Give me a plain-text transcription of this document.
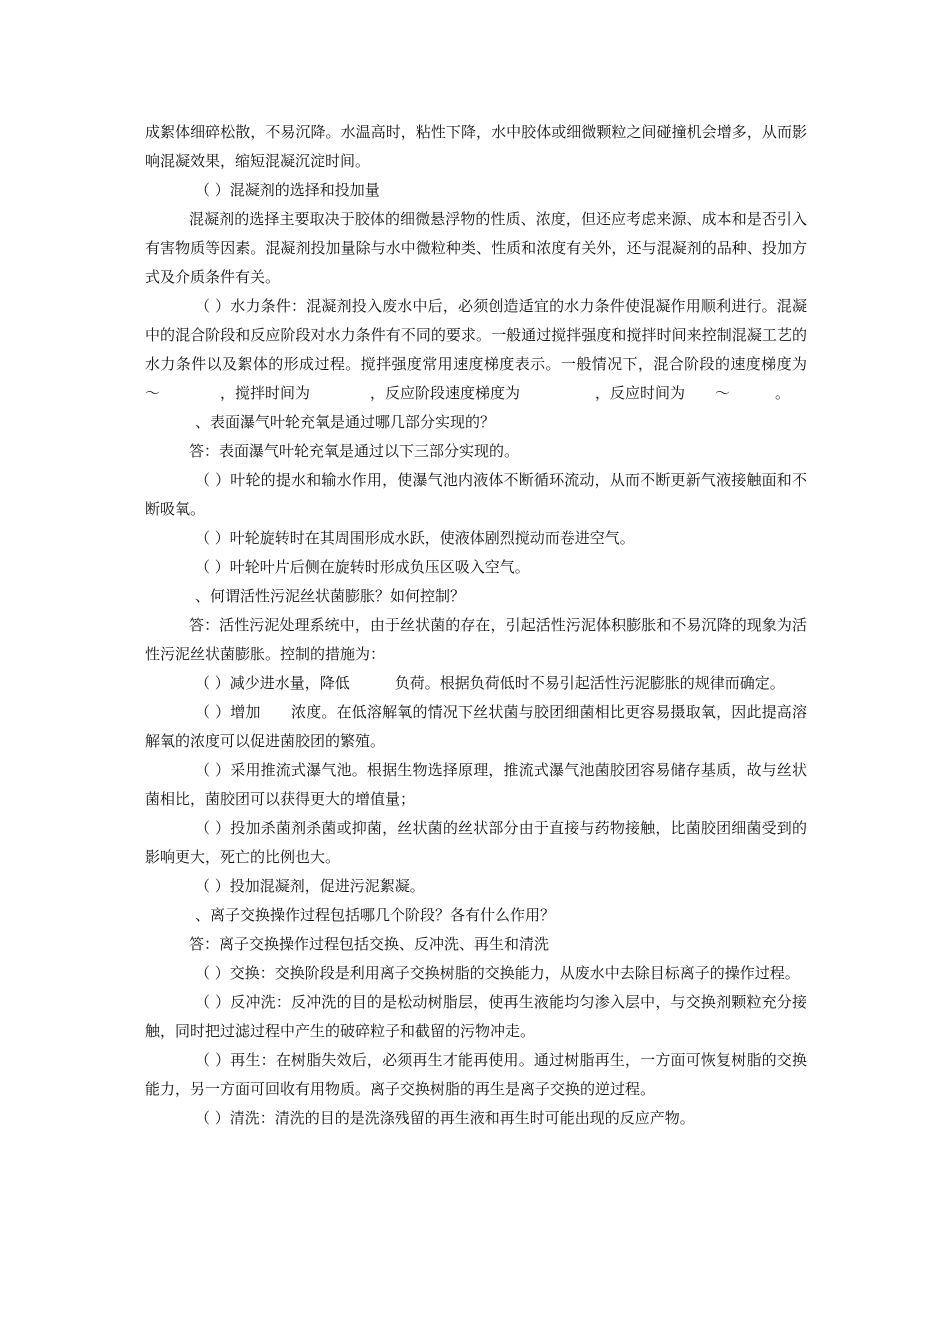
成絮体细碎松散，不易沉降。水温高时，粘性下降，水中胶体或细微颗粒之间碰撞机会增多，从而影响混凝效果，缩短混凝沉淀时间。

（ ）混凝剂的选择和投加量

混凝剂的选择主要取决于胶体的细微悬浮物的性质、浓度，但还应考虑来源、成本和是否引入有害物质等因素。混凝剂投加量除与水中微粒种类、性质和浓度有关外，还与混凝剂的品种、投加方式及介质条件有关。

（ ）水力条件：混凝剂投入废水中后，必须创造适宜的水力条件使混凝作用顺利进行。混凝中的混合阶段和反应阶段对水力条件有不同的要求。一般通过搅拌强度和搅拌时间来控制混凝工艺的水力条件以及絮体的形成过程。搅拌强度常用速度梯度表示。一般情况下，混合阶段的速度梯度为　　　～　　　　，搅拌时间为　　　　，反应阶段速度梯度为　　　　　，反应时间为　　～　　　。

、表面瀑气叶轮充氧是通过哪几部分实现的？

答：表面瀑气叶轮充氧是通过以下三部分实现的。

（ ）叶轮的提水和输水作用，使瀑气池内液体不断循环流动，从而不断更新气液接触面和不断吸氧。

（ ）叶轮旋转时在其周围形成水跃，使液体剧烈搅动而卷进空气。

（ ）叶轮叶片后侧在旋转时形成负压区吸入空气。

、何谓活性污泥丝状菌膨胀？如何控制？

答：活性污泥处理系统中，由于丝状菌的存在，引起活性污泥体积膨胀和不易沉降的现象为活性污泥丝状菌膨胀。控制的措施为：

（ ）减少进水量，降低　　　负荷。根据负荷低时不易引起活性污泥膨胀的规律而确定。

（ ）增加　　浓度。在低溶解氧的情况下丝状菌与胶团细菌相比更容易摄取氧，因此提高溶解氧的浓度可以促进菌胶团的繁殖。

（ ）采用推流式瀑气池。根据生物选择原理，推流式瀑气池菌胶团容易储存基质，故与丝状菌相比，菌胶团可以获得更大的增值量；

（ ）投加杀菌剂杀菌或抑菌，丝状菌的丝状部分由于直接与药物接触，比菌胶团细菌受到的影响更大，死亡的比例也大。

（ ）投加混凝剂，促进污泥絮凝。

、离子交换操作过程包括哪几个阶段？各有什么作用？

答：离子交换操作过程包括交换、反冲洗、再生和清洗

（ ）交换：交换阶段是利用离子交换树脂的交换能力，从废水中去除目标离子的操作过程。

（ ）反冲洗：反冲洗的目的是松动树脂层，使再生液能均匀渗入层中，与交换剂颗粒充分接触，同时把过滤过程中产生的破碎粒子和截留的污物冲走。

（ ）再生：在树脂失效后，必须再生才能再使用。通过树脂再生，一方面可恢复树脂的交换能力，另一方面可回收有用物质。离子交换树脂的再生是离子交换的逆过程。

（ ）清洗：清洗的目的是洗涤残留的再生液和再生时可能出现的反应产物。
